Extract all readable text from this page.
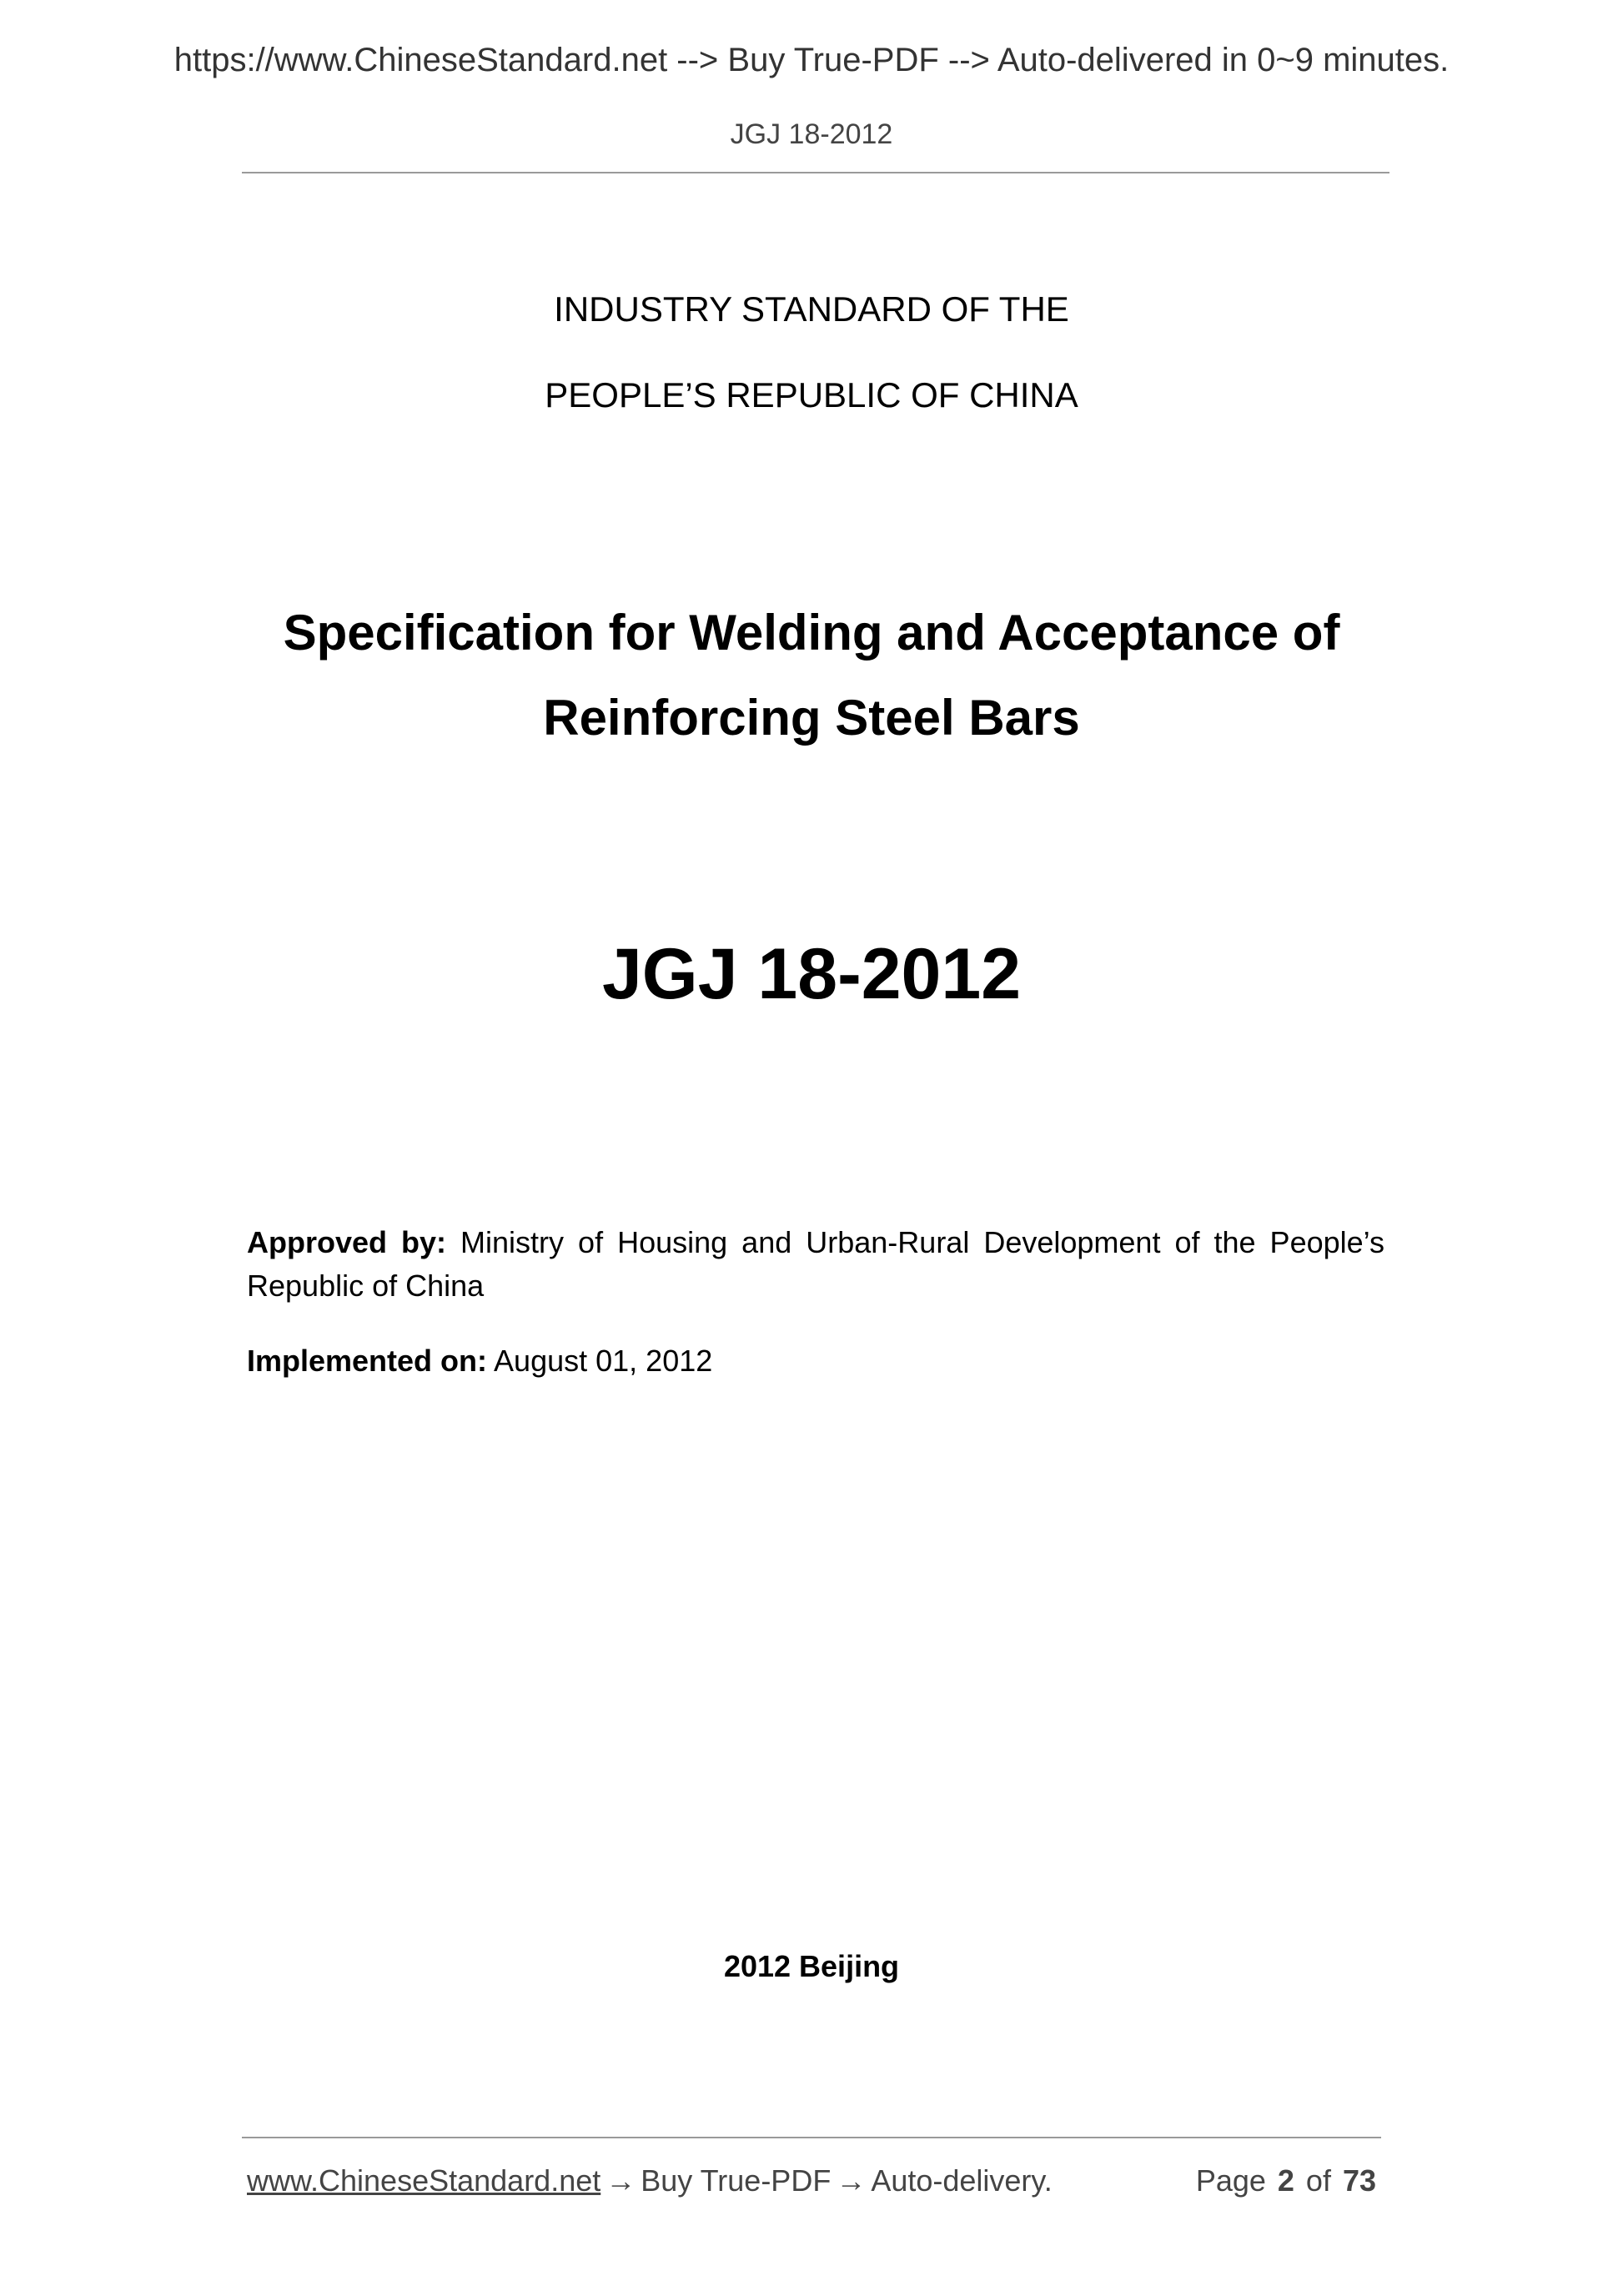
https://www.ChineseStandard.net --> Buy True-PDF --> Auto-delivered in 0~9 minutes.
JGJ 18-2012
INDUSTRY STANDARD OF THE
PEOPLE’S REPUBLIC OF CHINA
Specification for Welding and Acceptance of
Reinforcing Steel Bars
JGJ 18-2012
Approved by: Ministry of Housing and Urban-Rural Development of the People’s Republic of China
Implemented on: August 01, 2012
2012 Beijing
www.ChineseStandard.net → Buy True-PDF → Auto-delivery.	Page 2 of 73
